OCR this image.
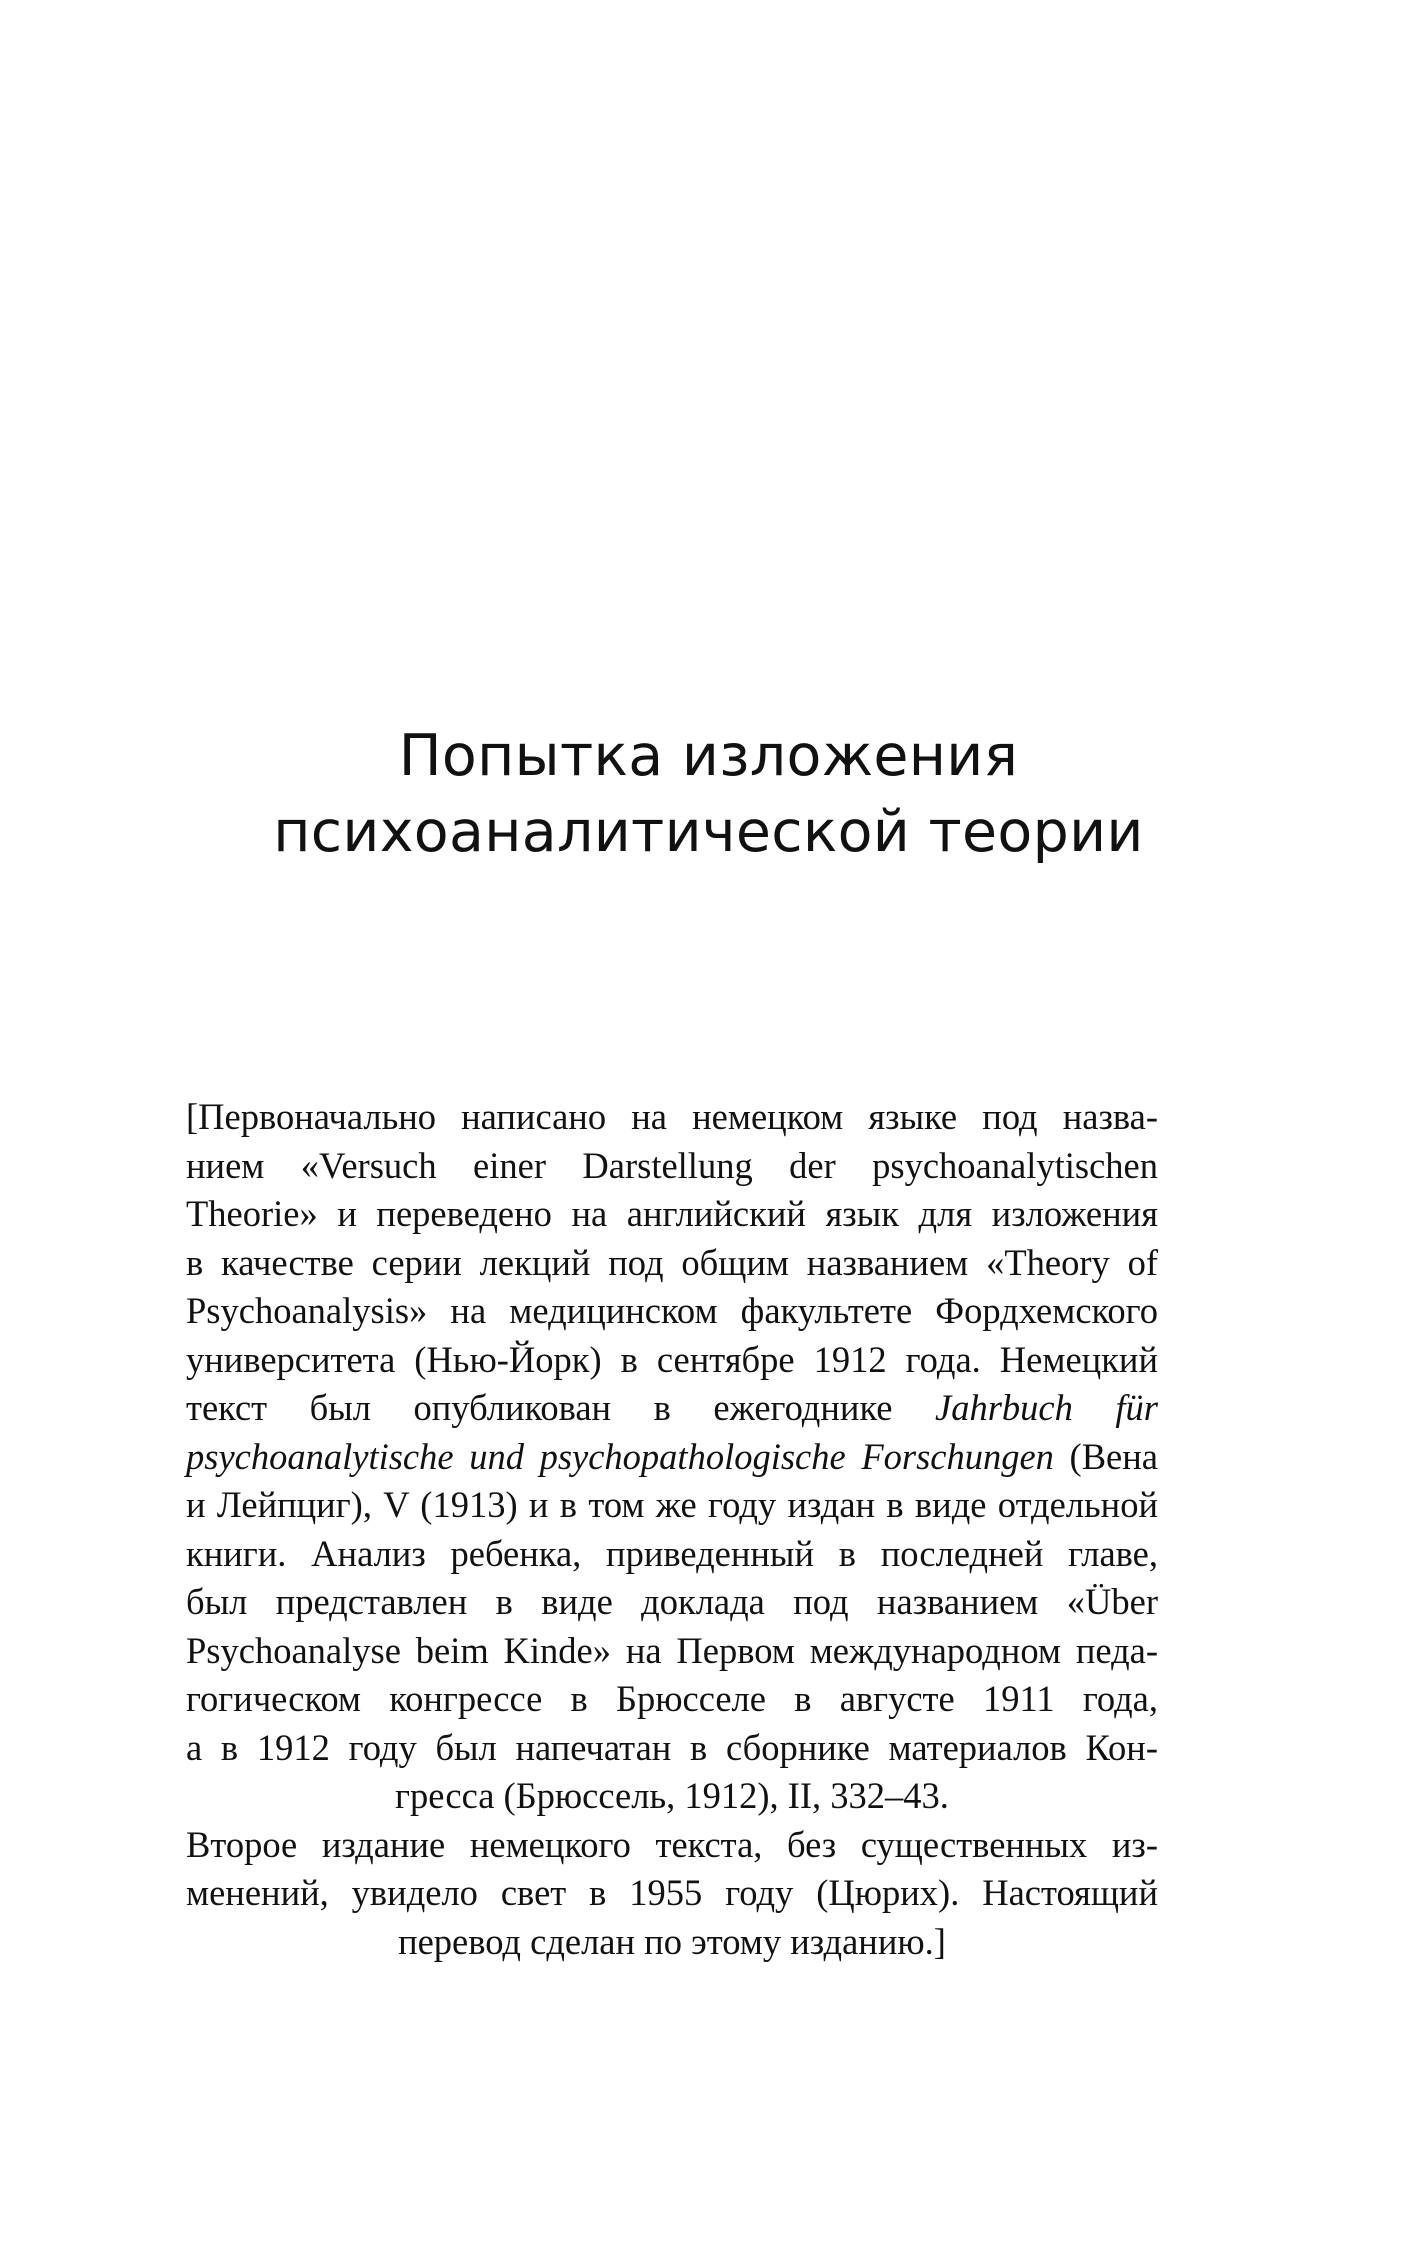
Попытка изложения
психоаналитической теории
[Первоначально написано на немецком языке под назва-
нием «Versuch einer Darstellung der psychoanalytischen
Theorie» и переведено на английский язык для изложения
в качестве серии лекций под общим названием «Theory of
Psychoanalysis» на медицинском факультете Фордхемского
университета (Нью-Йорк) в сентябре 1912 года. Немецкий
текст был опубликован в ежегоднике Jahrbuch für
psychoanalytische und psychopathologische Forschungen (Вена
и Лейпциг), V (1913) и в том же году издан в виде отдельной
книги. Анализ ребенка, приведенный в последней главе,
был представлен в виде доклада под названием «Über
Psychoanalyse beim Kinde» на Первом международном педа-
гогическом конгрессе в Брюсселе в августе 1911 года,
а в 1912 году был напечатан в сборнике материалов Кон-
гресса (Брюссель, 1912), II, 332–43.
Второе издание немецкого текста, без существенных из-
менений, увидело свет в 1955 году (Цюрих). Настоящий
перевод сделан по этому изданию.]
